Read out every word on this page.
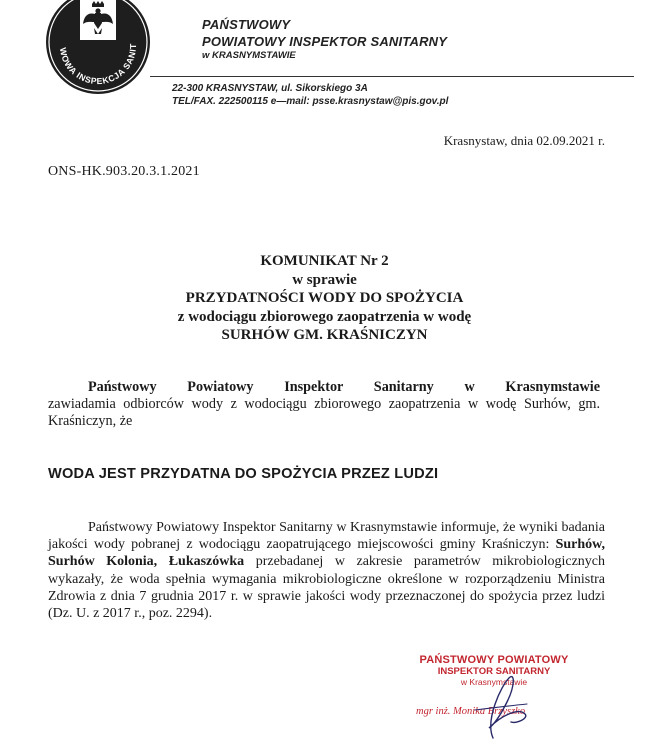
WOWA INSPEKCJA SANIT
PAŃSTWOWY
POWIATOWY INSPEKTOR SANITARNY
w KRASNYMSTAWIE
22-300 KRASNYSTAW, ul. Sikorskiego 3A
TEL/FAX. 222500115 e—mail: psse.krasnystaw@pis.gov.pl
Krasnystaw, dnia 02.09.2021 r.
ONS-HK.903.20.3.1.2021
KOMUNIKAT Nr 2
w sprawie
PRZYDATNOŚCI WODY DO SPOŻYCIA
z wodociągu zbiorowego zaopatrzenia w wodę
SURHÓW GM. KRAŚNICZYN
Państwowy Powiatowy Inspektor Sanitarny w Krasnymstawie
zawiadamia odbiorców wody z wodociągu zbiorowego zaopatrzenia w wodę Surhów, gm. Kraśniczyn, że
WODA JEST PRZYDATNA DO SPOŻYCIA PRZEZ LUDZI
Państwowy Powiatowy Inspektor Sanitarny w Krasnymstawie informuje, że wyniki badania jakości wody pobranej z wodociągu zaopatrującego miejscowości gminy Kraśniczyn: Surhów, Surhów Kolonia, Łukaszówka przebadanej w zakresie parametrów mikrobiologicznych wykazały, że woda spełnia wymagania mikrobiologiczne określone w rozporządzeniu Ministra Zdrowia z dnia 7 grudnia 2017 r. w sprawie jakości wody przeznaczonej do spożycia przez ludzi (Dz. U. z 2017 r., poz. 2294).
PAŃSTWOWY POWIATOWY
INSPEKTOR SANITARNY
w Krasnymstawie
mgr inż. Monika Brzyszko
